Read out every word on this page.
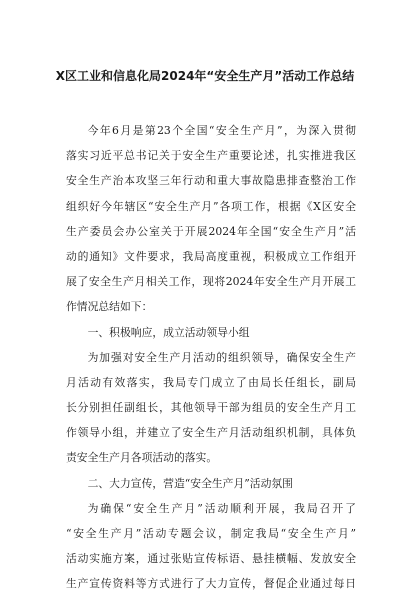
X区工业和信息化局2024年“安全生产月”活动工作总结
今年6月是第23个全国“安全生产月”，为深入贯彻
落实习近平总书记关于安全生产重要论述，扎实推进我区
安全生产治本攻坚三年行动和重大事故隐患排查整治工作
组织好今年辖区“安全生产月”各项工作，根据《X区安全
生产委员会办公室关于开展2024年全国“安全生产月”活
动的通知》文件要求，我局高度重视，积极成立工作组开
展了安全生产月相关工作，现将2024年安全生产月开展工
作情况总结如下：
一、积极响应，成立活动领导小组
为加强对安全生产月活动的组织领导，确保安全生产
月活动有效落实，我局专门成立了由局长任组长，副局
长分别担任副组长，其他领导干部为组员的安全生产月工
作领导小组，并建立了安全生产月活动组织机制，具体负
责安全生产月各项活动的落实。
二、大力宣传，营造“安全生产月”活动氛围
为确保“安全生产月”活动顺利开展，我局召开了
“安全生产月”活动专题会议，制定我局“安全生产月”
活动实施方案，通过张贴宣传标语、悬挂横幅、发放安全
生产宣传资料等方式进行了大力宣传，督促企业通过每日
